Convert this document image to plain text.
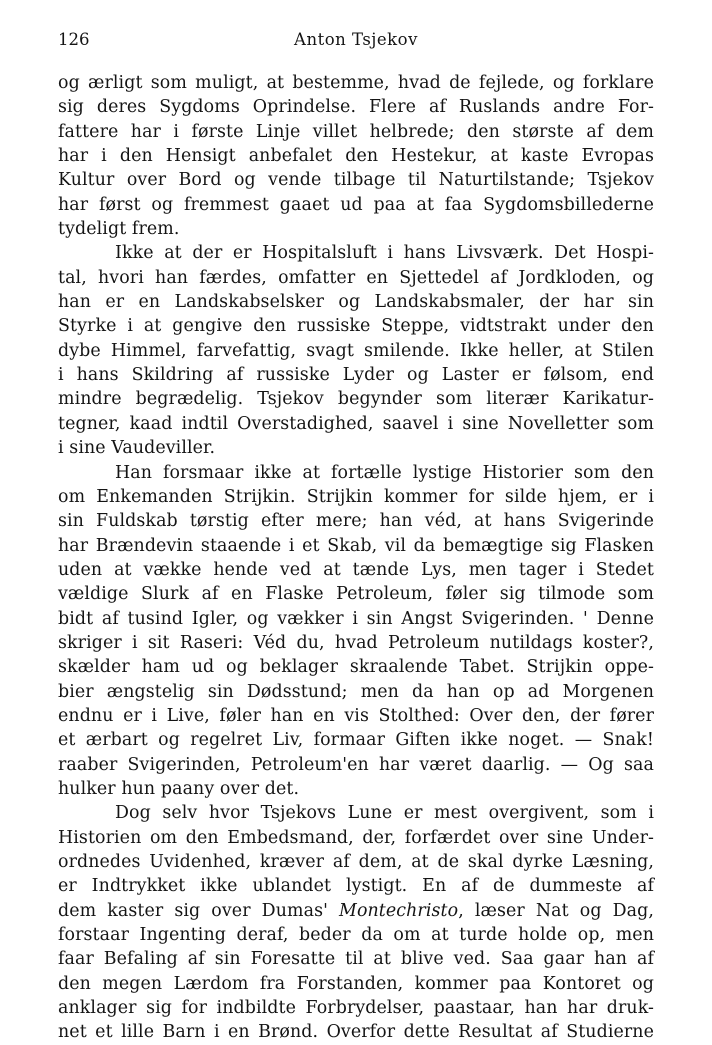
126	Anton Tsjekov
og ærligt som muligt, at bestemme, hvad de fejlede, og forklare
sig deres Sygdoms Oprindelse. Flere af Ruslands andre For-
fattere har i første Linje villet helbrede; den største af dem
har i den Hensigt anbefalet den Hestekur, at kaste Evropas
Kultur over Bord og vende tilbage til Naturtilstande; Tsjekov
har først og fremmest gaaet ud paa at faa Sygdomsbillederne
tydeligt frem.
Ikke at der er Hospitalsluft i hans Livsværk. Det Hospi-
tal, hvori han færdes, omfatter en Sjettedel af Jordkloden, og
han er en Landskabselsker og Landskabsmaler, der har sin
Styrke i at gengive den russiske Steppe, vidtstrakt under den
dybe Himmel, farvefattig, svagt smilende. Ikke heller, at Stilen
i hans Skildring af russiske Lyder og Laster er følsom, end
mindre begrædelig. Tsjekov begynder som literær Karikatur-
tegner, kaad indtil Overstadighed, saavel i sine Novelletter som
i sine Vaudeviller.
Han forsmaar ikke at fortælle lystige Historier som den
om Enkemanden Strijkin. Strijkin kommer for silde hjem, er i
sin Fuldskab tørstig efter mere; han véd, at hans Svigerinde
har Brændevin staaende i et Skab, vil da bemægtige sig Flasken
uden at vække hende ved at tænde Lys, men tager i Stedet
vældige Slurk af en Flaske Petroleum, føler sig tilmode som
bidt af tusind Igler, og vækker i sin Angst Svigerinden. ' Denne
skriger i sit Raseri: Véd du, hvad Petroleum nutildags koster?,
skælder ham ud og beklager skraalende Tabet. Strijkin oppe-
bier ængstelig sin Dødsstund; men da han op ad Morgenen
endnu er i Live, føler han en vis Stolthed: Over den, der fører
et ærbart og regelret Liv, formaar Giften ikke noget. — Snak!
raaber Svigerinden, Petroleum'en har været daarlig. — Og saa
hulker hun paany over det.
Dog selv hvor Tsjekovs Lune er mest overgivent, som i
Historien om den Embedsmand, der, forfærdet over sine Under-
ordnedes Uvidenhed, kræver af dem, at de skal dyrke Læsning,
er Indtrykket ikke ublandet lystigt. En af de dummeste af
dem kaster sig over Dumas' Montechristo, læser Nat og Dag,
forstaar Ingenting deraf, beder da om at turde holde op, men
faar Befaling af sin Foresatte til at blive ved. Saa gaar han af
den megen Lærdom fra Forstanden, kommer paa Kontoret og
anklager sig for indbildte Forbrydelser, paastaar, han har druk-
net et lille Barn i en Brønd. Overfor dette Resultat af Studierne
